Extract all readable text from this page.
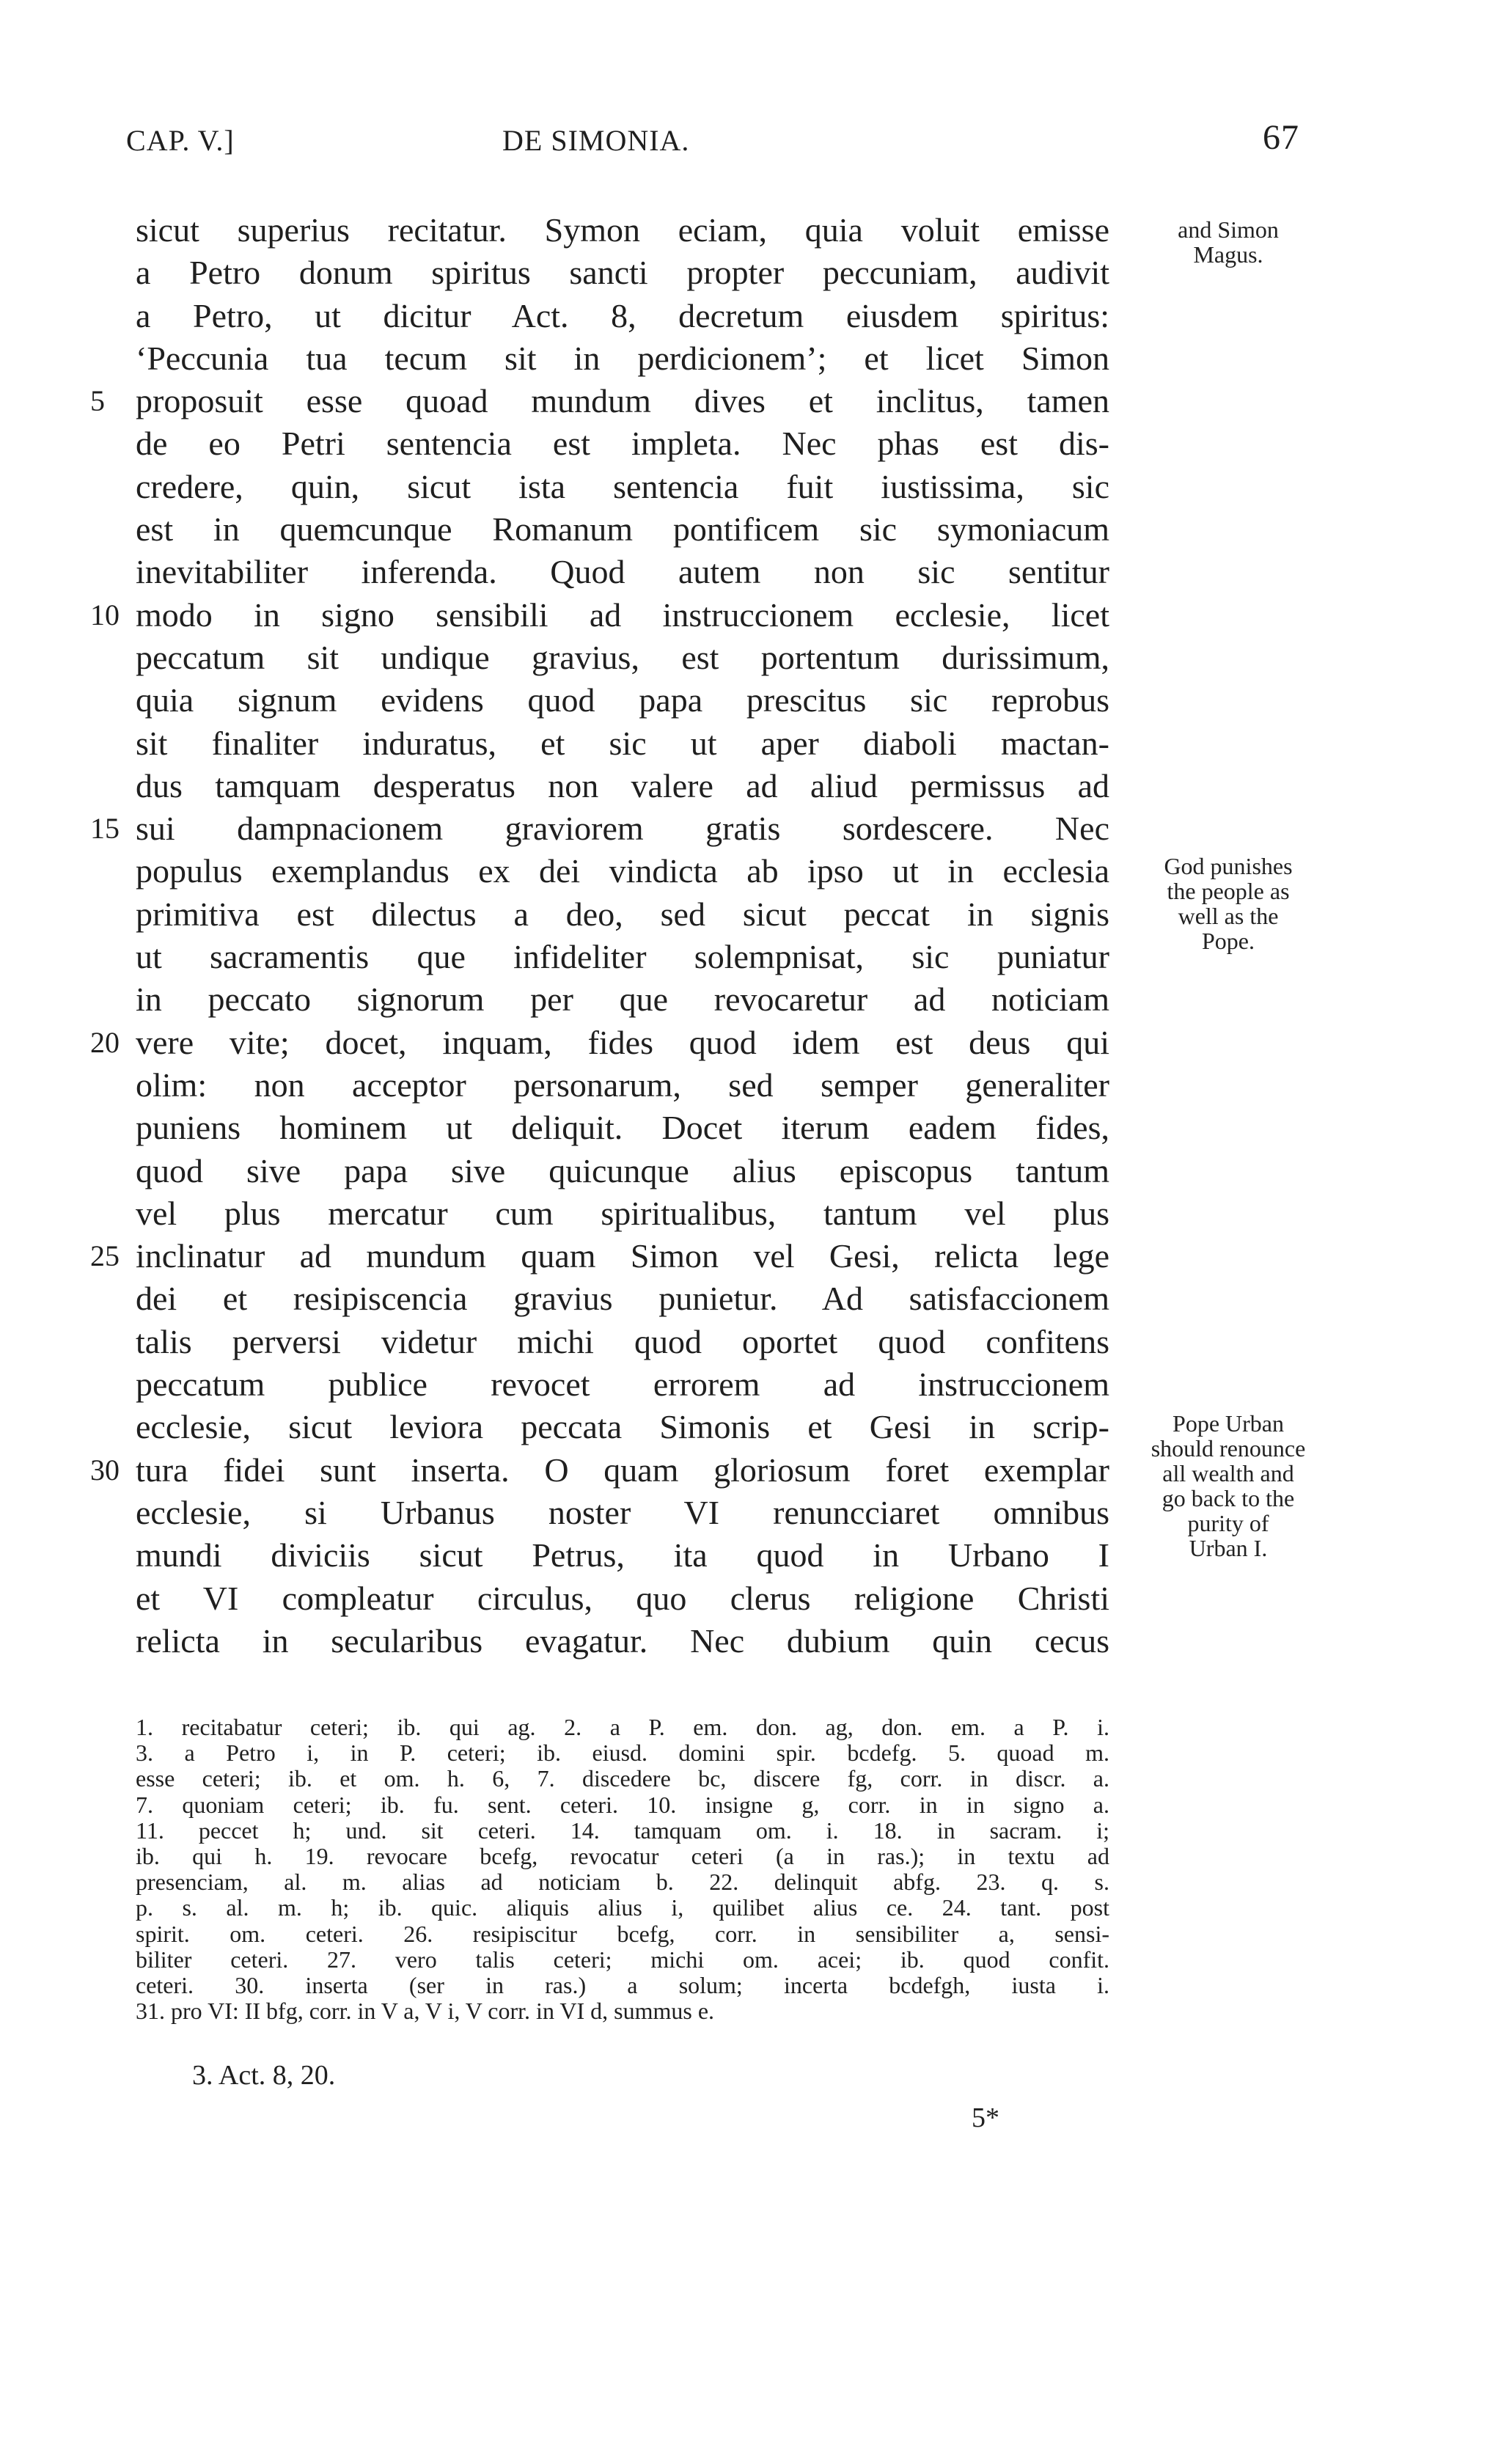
CAP. V.]	DE SIMONIA.	67
sicut superius recitatur. Symon eciam, quia voluit emisse
a Petro donum spiritus sancti propter peccuniam, audivit
a Petro, ut dicitur Act. 8, decretum eiusdem spiritus:
‘Peccunia tua tecum sit in perdicionem’; et licet Simon
5 proposuit esse quoad mundum dives et inclitus, tamen
de eo Petri sentencia est impleta. Nec phas est dis-
credere, quin, sicut ista sentencia fuit iustissima, sic
est in quemcunque Romanum pontificem sic symoniacum
inevitabiliter inferenda. Quod autem non sic sentitur
10 modo in signo sensibili ad instruccionem ecclesie, licet
peccatum sit undique gravius, est portentum durissimum,
quia signum evidens quod papa prescitus sic reprobus
sit finaliter induratus, et sic ut aper diaboli mactan-
dus tamquam desperatus non valere ad aliud permissus ad
15 sui dampnacionem graviorem gratis sordescere. Nec
populus exemplandus ex dei vindicta ab ipso ut in ecclesia
primitiva est dilectus a deo, sed sicut peccat in signis
ut sacramentis que infideliter solempnisat, sic puniatur
in peccato signorum per que revocaretur ad noticiam
20 vere vite; docet, inquam, fides quod idem est deus qui
olim: non acceptor personarum, sed semper generaliter
puniens hominem ut deliquit. Docet iterum eadem fides,
quod sive papa sive quicunque alius episcopus tantum
vel plus mercatur cum spiritualibus, tantum vel plus
25 inclinatur ad mundum quam Simon vel Gesi, relicta lege
dei et resipiscencia gravius punietur. Ad satisfaccionem
talis perversi videtur michi quod oportet quod confitens
peccatum publice revocet errorem ad instruccionem
ecclesie, sicut leviora peccata Simonis et Gesi in scrip-
30 tura fidei sunt inserta. O quam gloriosum foret exemplar
ecclesie, si Urbanus noster VI renuncciaret omnibus
mundi diviciis sicut Petrus, ita quod in Urbano I
et VI compleatur circulus, quo clerus religione Christi
relicta in secularibus evagatur. Nec dubium quin cecus
and Simon
Magus.
God punishes
the people as
well as the
Pope.
Pope Urban
should renounce
all wealth and
go back to the
purity of
Urban I.
1. recitabatur ceteri; ib. qui ag. 2. a P. em. don. ag, don. em. a P. i.
3. a Petro i, in P. ceteri; ib. eiusd. domini spir. bcdefg. 5. quoad m.
esse ceteri; ib. et om. h. 6, 7. discedere bc, discere fg, corr. in discr. a.
7. quoniam ceteri; ib. fu. sent. ceteri. 10. insigne g, corr. in in signo a.
11. peccet h; und. sit ceteri. 14. tamquam om. i. 18. in sacram. i;
ib. qui h. 19. revocare bcefg, revocatur ceteri (a in ras.); in textu ad
presenciam, al. m. alias ad noticiam b. 22. delinquit abfg. 23. q. s.
p. s. al. m. h; ib. quic. aliquis alius i, quilibet alius ce. 24. tant. post
spirit. om. ceteri. 26. resipiscitur bcefg, corr. in sensibiliter a, sensi-
biliter ceteri. 27. vero talis ceteri; michi om. acei; ib. quod confit.
ceteri. 30. inserta (ser in ras.) a solum; incerta bcdefgh, iusta i.
31. pro VI: II bfg, corr. in V a, V i, V corr. in VI d, summus e.
3. Act. 8, 20.
5*
